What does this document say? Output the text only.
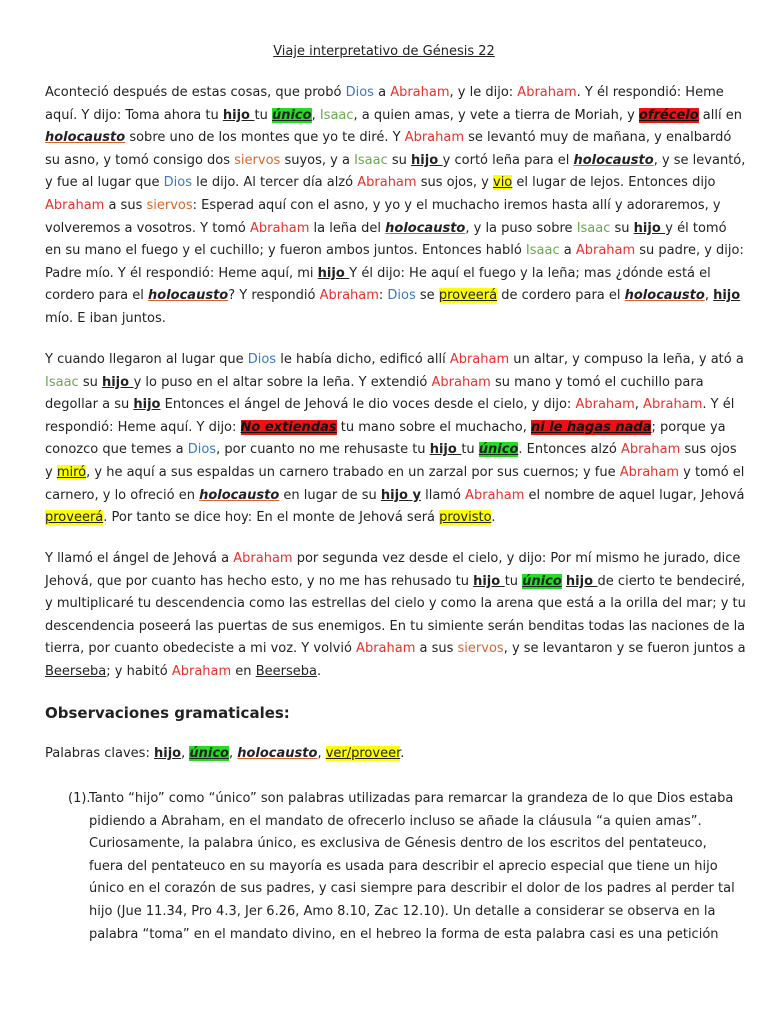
Viaje interpretativo de Génesis 22
Aconteció después de estas cosas, que probó Dios a Abraham, y le dijo: Abraham. Y él respondió: Heme
aquí. Y dijo: Toma ahora tu hijo tu único, Isaac, a quien amas, y vete a tierra de Moriah, y ofrécelo allí en
holocausto sobre uno de los montes que yo te diré. Y Abraham se levantó muy de mañana, y enalbardó
su asno, y tomó consigo dos siervos suyos, y a Isaac su hijo y cortó leña para el holocausto, y se levantó,
y fue al lugar que Dios le dijo. Al tercer día alzó Abraham sus ojos, y vio el lugar de lejos. Entonces dijo
Abraham a sus siervos: Esperad aquí con el asno, y yo y el muchacho iremos hasta allí y adoraremos, y
volveremos a vosotros. Y tomó Abraham la leña del holocausto, y la puso sobre Isaac su hijo y él tomó
en su mano el fuego y el cuchillo; y fueron ambos juntos. Entonces habló Isaac a Abraham su padre, y dijo:
Padre mío. Y él respondió: Heme aquí, mi hijo Y él dijo: He aquí el fuego y la leña; mas ¿dónde está el
cordero para el holocausto? Y respondió Abraham: Dios se proveerá de cordero para el holocausto, hijo
mío. E iban juntos.
Y cuando llegaron al lugar que Dios le había dicho, edificó allí Abraham un altar, y compuso la leña, y ató a
Isaac su hijo y lo puso en el altar sobre la leña. Y extendió Abraham su mano y tomó el cuchillo para
degollar a su hijo Entonces el ángel de Jehová le dio voces desde el cielo, y dijo: Abraham, Abraham. Y él
respondió: Heme aquí. Y dijo: No extiendas tu mano sobre el muchacho, ni le hagas nada; porque ya
conozco que temes a Dios, por cuanto no me rehusaste tu hijo tu único. Entonces alzó Abraham sus ojos
y miró, y he aquí a sus espaldas un carnero trabado en un zarzal por sus cuernos; y fue Abraham y tomó el
carnero, y lo ofreció en holocausto en lugar de su hijo y llamó Abraham el nombre de aquel lugar, Jehová
proveerá. Por tanto se dice hoy: En el monte de Jehová será provisto.
Y llamó el ángel de Jehová a Abraham por segunda vez desde el cielo, y dijo: Por mí mismo he jurado, dice
Jehová, que por cuanto has hecho esto, y no me has rehusado tu hijo tu único hijo de cierto te bendeciré,
y multiplicaré tu descendencia como las estrellas del cielo y como la arena que está a la orilla del mar; y tu
descendencia poseerá las puertas de sus enemigos. En tu simiente serán benditas todas las naciones de la
tierra, por cuanto obedeciste a mi voz. Y volvió Abraham a sus siervos, y se levantaron y se fueron juntos a
Beerseba; y habitó Abraham en Beerseba.
Observaciones gramaticales:
Palabras claves: hijo, único, holocausto, ver/proveer.
(1).Tanto “hijo” como “único” son palabras utilizadas para remarcar la grandeza de lo que Dios estaba
pidiendo a Abraham, en el mandato de ofrecerlo incluso se añade la cláusula “a quien amas”.
Curiosamente, la palabra único, es exclusiva de Génesis dentro de los escritos del pentateuco,
fuera del pentateuco en su mayoría es usada para describir el aprecio especial que tiene un hijo
único en el corazón de sus padres, y casi siempre para describir el dolor de los padres al perder tal
hijo (Jue 11.34, Pro 4.3, Jer 6.26, Amo 8.10, Zac 12.10). Un detalle a considerar se observa en la
palabra “toma” en el mandato divino, en el hebreo la forma de esta palabra casi es una petición
